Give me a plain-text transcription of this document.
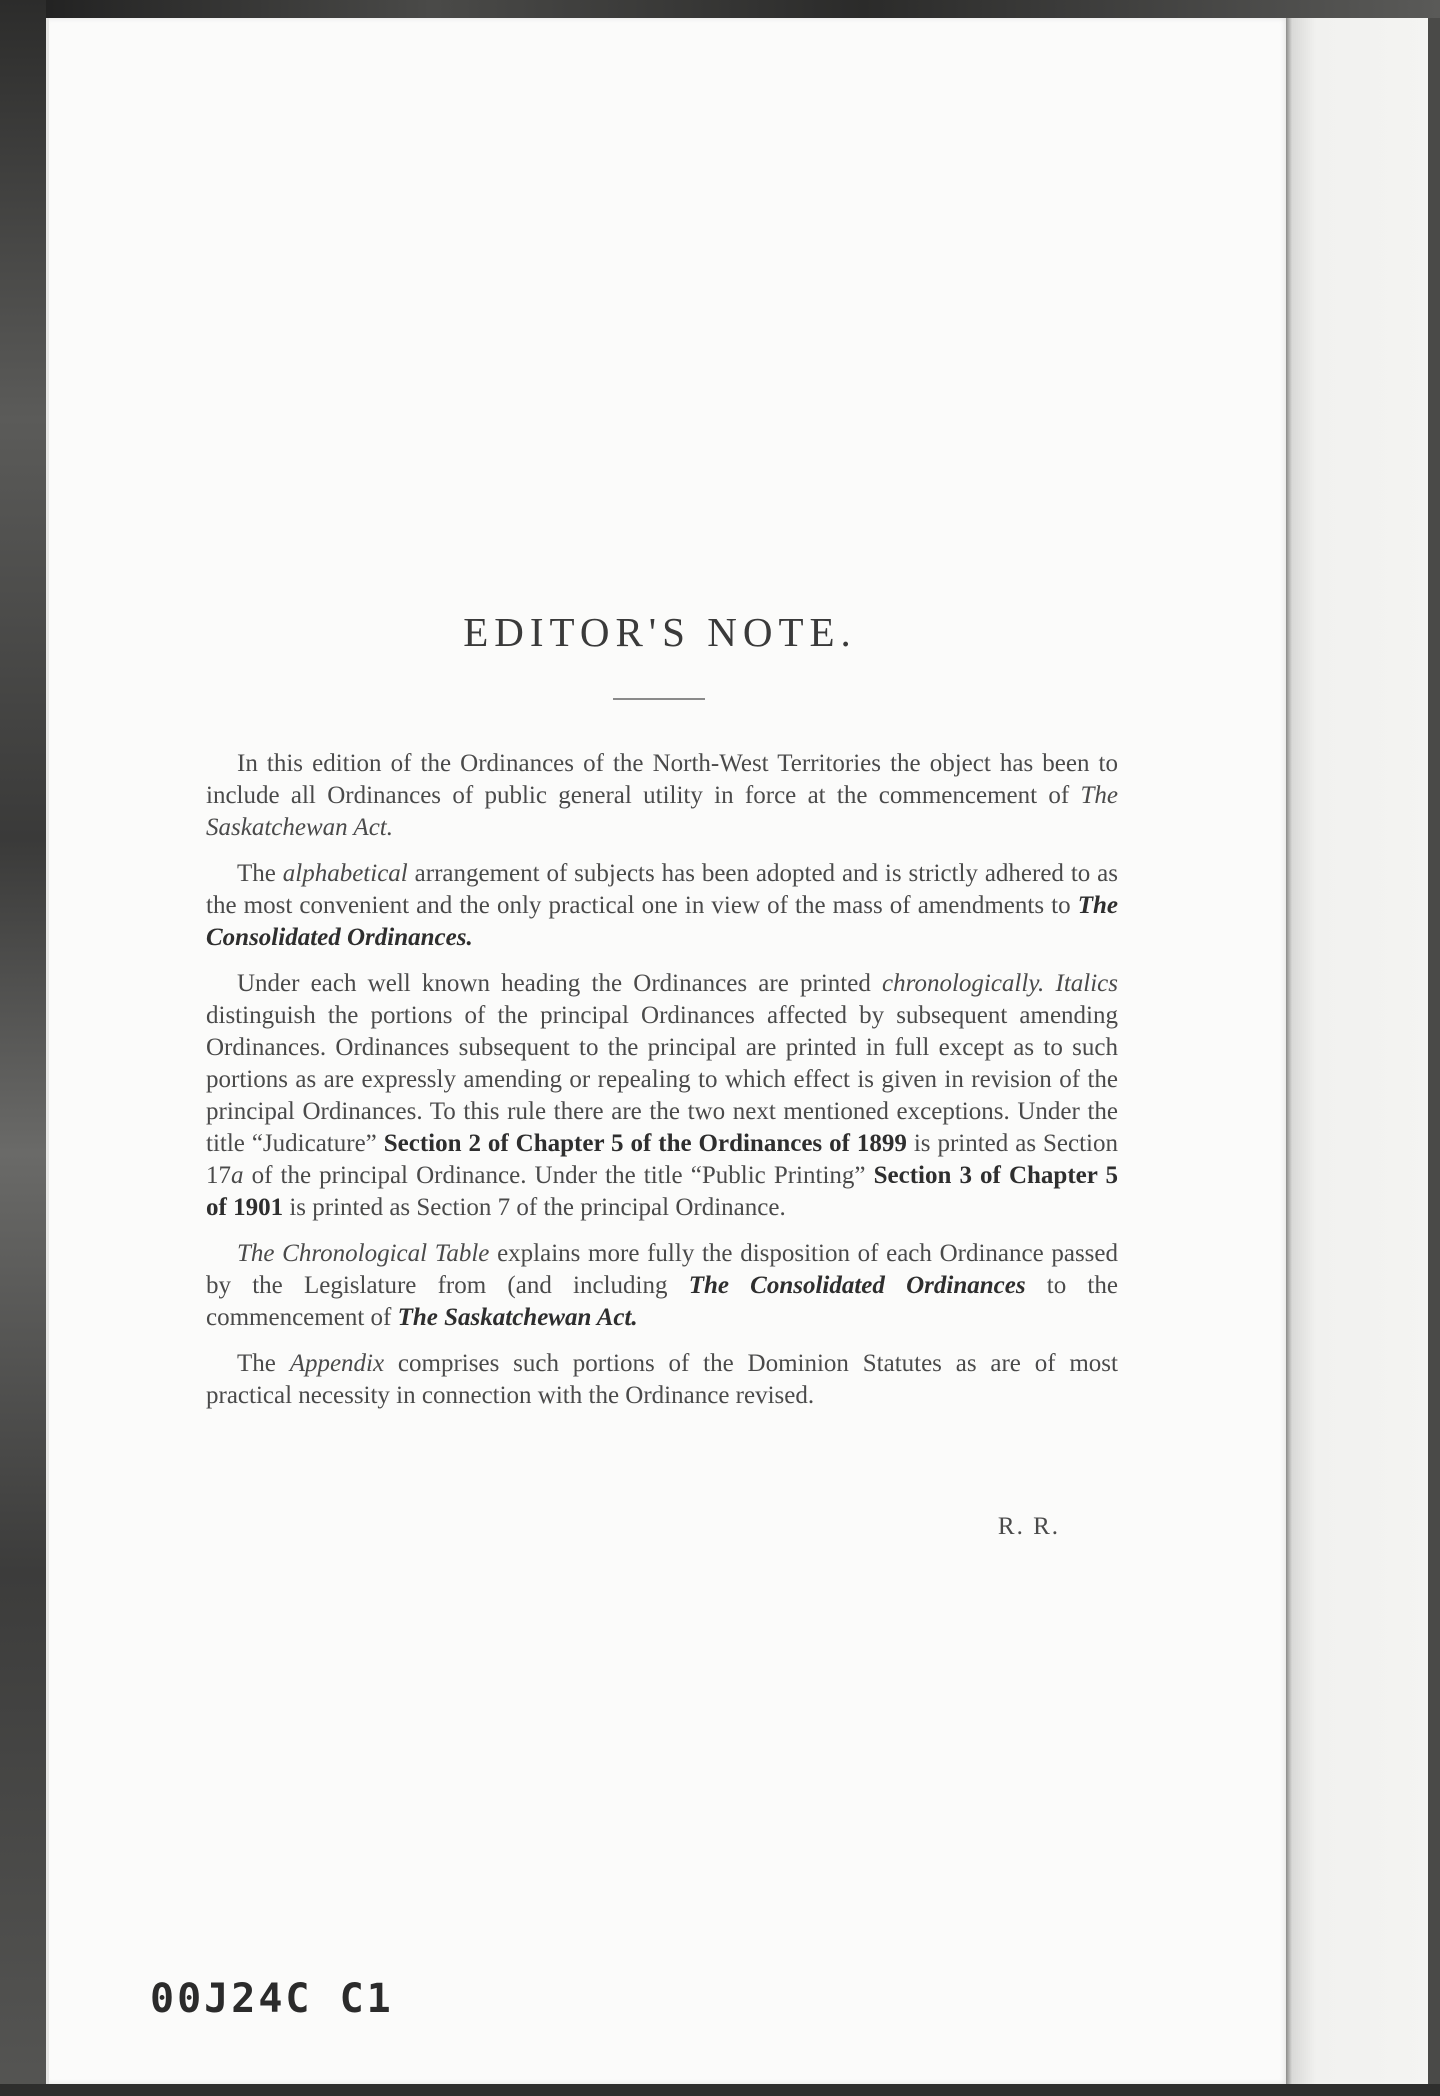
EDITOR'S NOTE.

In this edition of the Ordinances of the North-West Territories the object has been to include all Ordinances of public general utility in force at the commencement of The Saskatchewan Act.

The alphabetical arrangement of subjects has been adopted and is strictly adhered to as the most convenient and the only practical one in view of the mass of amendments to The Consolidated Ordinances.

Under each well known heading the Ordinances are printed chronologically. Italics distinguish the portions of the principal Ordinances affected by subsequent amending Ordinances. Ordinances subsequent to the principal are printed in full except as to such portions as are expressly amending or repealing to which effect is given in revision of the principal Ordinances. To this rule there are the two next mentioned exceptions. Under the title “Judicature” Section 2 of Chapter 5 of the Ordinances of 1899 is printed as Section 17a of the principal Ordinance. Under the title “Public Printing” Section 3 of Chapter 5 of 1901 is printed as Section 7 of the principal Ordinance.

The Chronological Table explains more fully the disposition of each Ordinance passed by the Legislature from (and including The Consolidated Ordinances to the commencement of The Saskatchewan Act.

The Appendix comprises such portions of the Dominion Statutes as are of most practical necessity in connection with the Ordinance revised.

R. R.
00J24C C1
